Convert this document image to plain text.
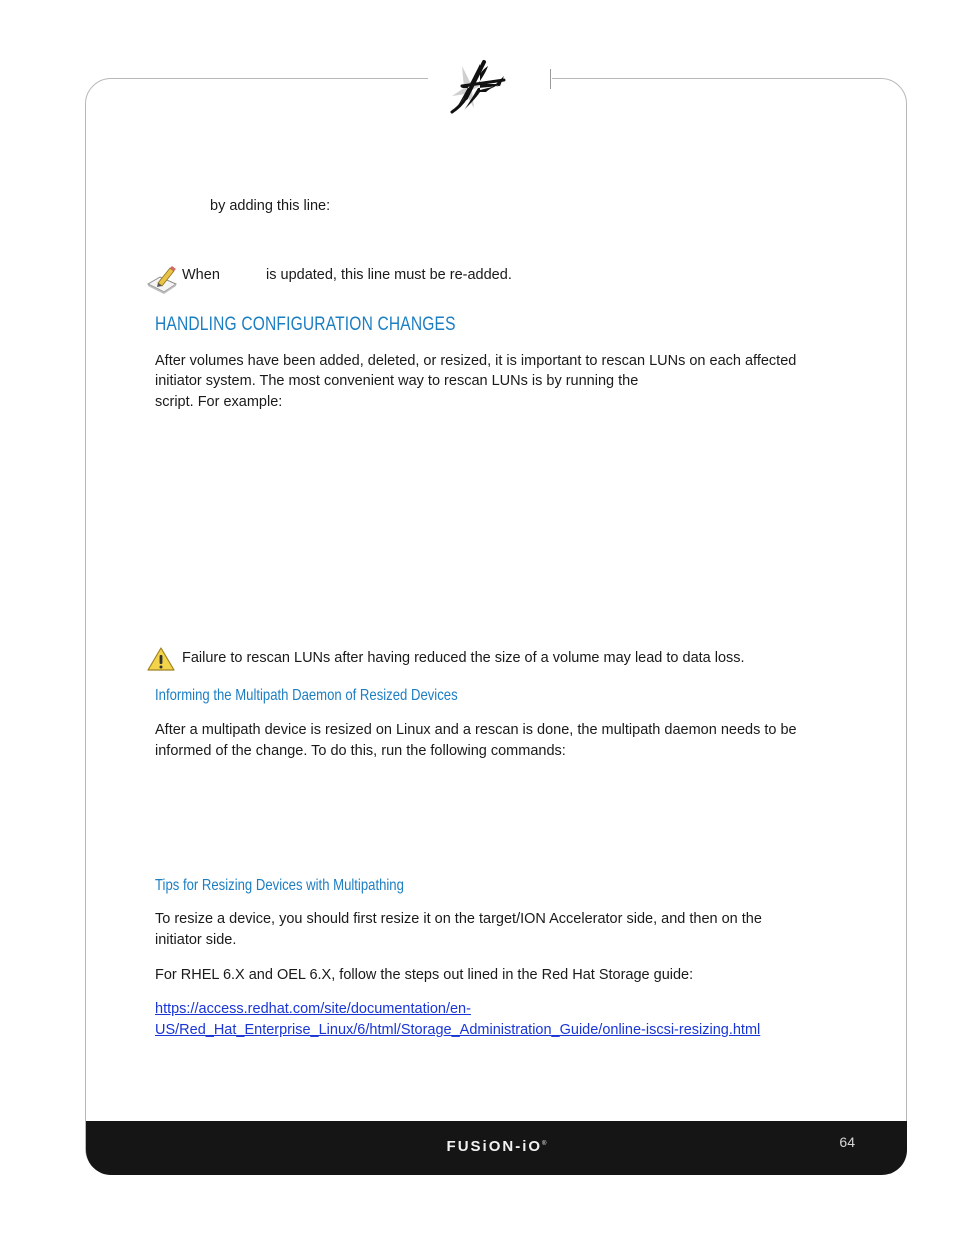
by adding this line:

When	is updated, this line must be re-added.

HANDLING CONFIGURATION CHANGES

After volumes have been added, deleted, or resized, it is important to rescan LUNs on each affected

initiator system. The most convenient way to rescan LUNs is by running the

script. For example:

Failure to rescan LUNs after having reduced the size of a volume may lead to data loss.

Informing the Multipath Daemon of Resized Devices

After a multipath device is resized on Linux and a rescan is done, the multipath daemon needs to be

informed of the change. To do this, run the following commands:

Tips for Resizing Devices with Multipathing

To resize a device, you should first resize it on the target/ION Accelerator side, and then on the

initiator side.

For RHEL 6.X and OEL 6.X, follow the steps out lined in the Red Hat Storage guide:

https://access.redhat.com/site/documentation/en-
US/Red_Hat_Enterprise_Linux/6/html/Storage_Administration_Guide/online-iscsi-resizing.html

FUSiON-iO®	64
